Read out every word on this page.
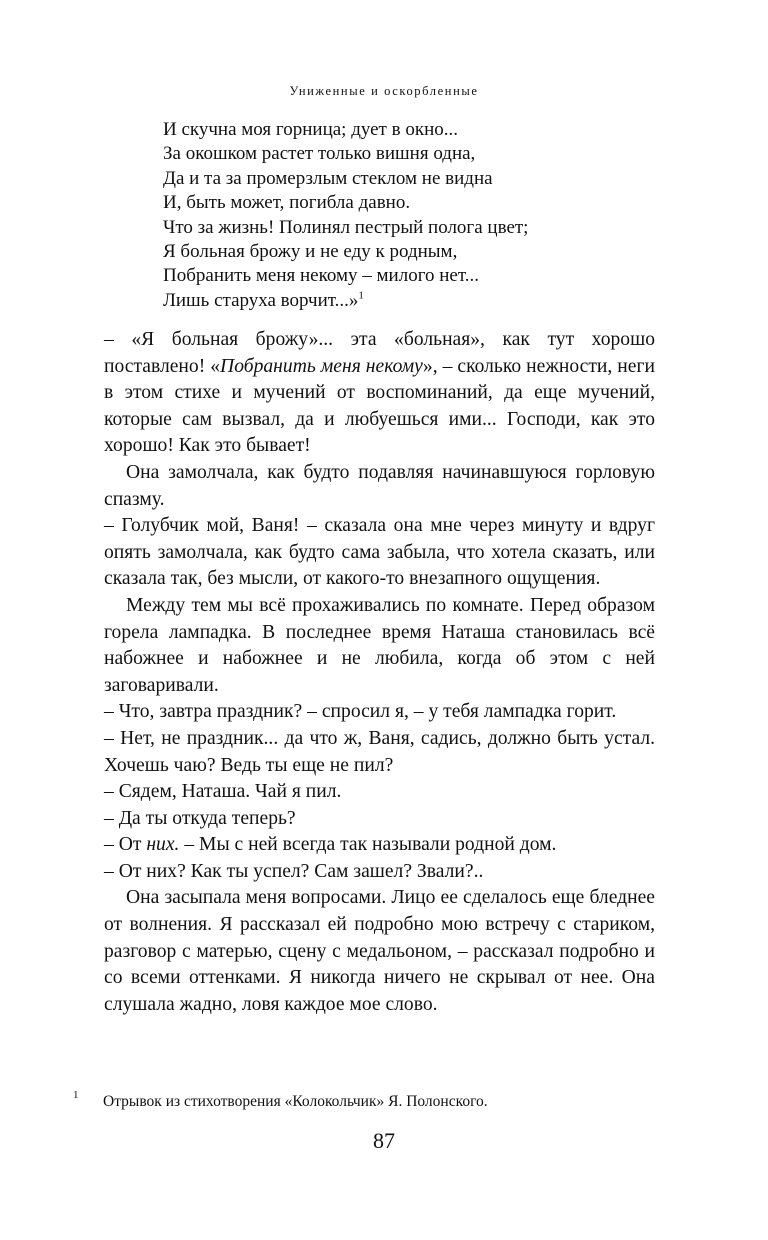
Униженные и оскорбленные
И скучна моя горница; дует в окно...
За окошком растет только вишня одна,
Да и та за промерзлым стеклом не видна
И, быть может, погибла давно.
Что за жизнь! Полинял пестрый полога цвет;
Я больная брожу и не еду к родным,
Побранить меня некому – милого нет...
Лишь старуха ворчит...»$^1$
– «Я больная брожу»... эта «больная», как тут хорошо поставлено! «Побранить меня некому», – сколько нежности, неги в этом стихе и мучений от воспоминаний, да еще мучений, которые сам вызвал, да и любуешься ими... Господи, как это хорошо! Как это бывает!
Она замолчала, как будто подавляя начинавшуюся горловую спазму.
– Голубчик мой, Ваня! – сказала она мне через минуту и вдруг опять замолчала, как будто сама забыла, что хотела сказать, или сказала так, без мысли, от какого-то внезапного ощущения.
Между тем мы всё прохаживались по комнате. Перед образом горела лампадка. В последнее время Наташа становилась всё набожнее и набожнее и не любила, когда об этом с ней заговаривали.
– Что, завтра праздник? – спросил я, – у тебя лампадка горит.
– Нет, не праздник... да что ж, Ваня, садись, должно быть устал. Хочешь чаю? Ведь ты еще не пил?
– Сядем, Наташа. Чай я пил.
– Да ты откуда теперь?
– От них. – Мы с ней всегда так называли родной дом.
– От них? Как ты успел? Сам зашел? Звали?..
Она засыпала меня вопросами. Лицо ее сделалось еще бледнее от волнения. Я рассказал ей подробно мою встречу с стариком, разговор с матерью, сцену с медальоном, – рассказал подробно и со всеми оттенками. Я никогда ничего не скрывал от нее. Она слушала жадно, ловя каждое мое слово.
1 Отрывок из стихотворения «Колокольчик» Я. Полонского.
87
